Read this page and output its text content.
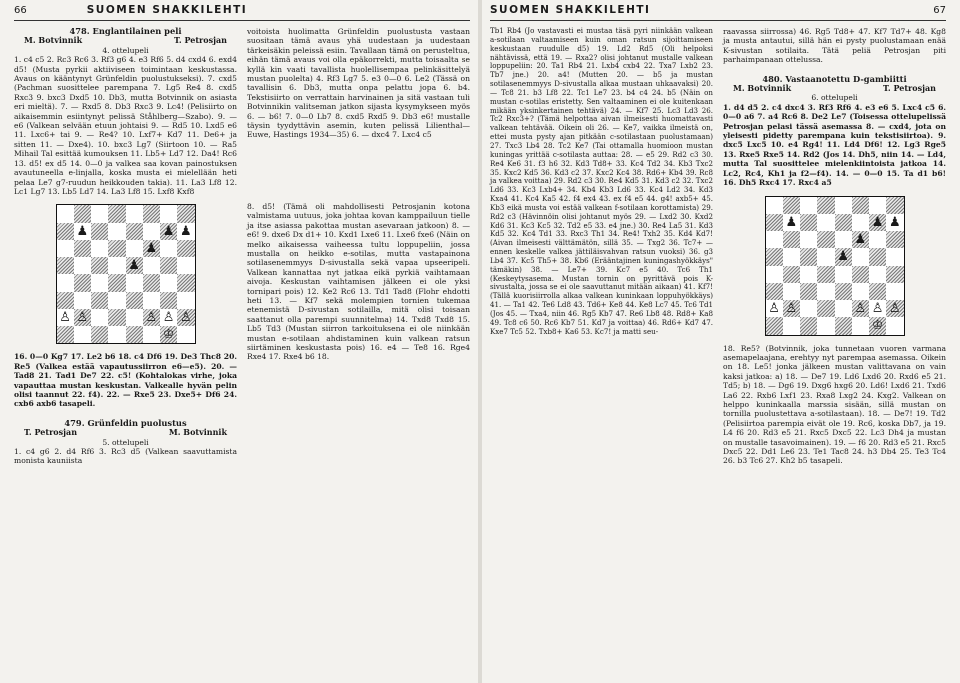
66	SUOMEN SHAKKILEHTI
478. Englantilainen peli
M. Botvinnik	T. Petrosjan
4. ottelupeli

1. c4 c5 2. Rc3 Rc6 3. Rf3 g6 4. e3 Rf6 5. d4 cxd4 6. exd4 d5! (Musta pyrkii aktiiviseen toimintaan keskustassa. Avaus on kääntynyt Grünfeldin puolustukseksi). 7. cxd5 (Pachman suosittelee parempana 7. Lg5 Re4 8. cxd5 Rxc3 9. bxc3 Dxd5 10. Db3, mutta Botvinnik on asiasta eri mieltä). 7. — Rxd5 8. Db3 Rxc3 9. Lc4! (Pelisiirto on aikaisemmin esiintynyt pelissä Ståhlberg—Szabo). 9. — e6 (Valkean selvään etuun johtaisi 9. — Rd5 10. Lxd5 e6 11. Lxc6+ tai 9. — Re4? 10. Lxf7+ Kd7 11. De6+ ja sitten 11. — Dxe4). 10. bxc3 Lg7 (Siirtoon 10. — Ra5 Mihail Tal esittää kumouksen 11. Lb5+ Ld7 12. Da4! Rc6 13. d5! ex d5 14. 0—0 ja valkea saa kovan painostuksen avautuneella e-linjalla, koska musta ei mielellään heti pelaa Le7 g7-ruudun heikkouden takia). 11. La3 Lf8 12. Lc1 Lg7 13. Lb5 Ld7 14. La3 Lf8 15. Lxf8 Kxf8

♟	♟ ♟
♟
♟
♙ ♙	♙ ♙ ♙
♔

16. 0—0 Kg7 17. Le2 b6 18. c4 Df6 19. De3 Thc8 20. Re5 (Valkea estää vapautussiirron e6—e5). 20. — Tad8 21. Tad1 De7 22. c5! (Kohtalokas virhe, joka vapauttaa mustan keskustan. Valkealle hyvän pelin olisi taannut 22. f4). 22. — Rxe5 23. Dxe5+ Df6 24. cxb6 axb6 tasapeli.

479. Grünfeldin puolustus
T. Petrosjan	M. Botvinnik
5. ottelupeli

1. c4 g6 2. d4 Rf6 3. Rc3 d5 (Valkean saavuttamista monista kauniista

voitoista huolimatta Grünfeldin puolustusta vastaan suositaan tämä avaus yhä uudestaan ja uudestaan tärkeisäkin peleissä esiin. Tavallaan tämä on perusteltua, eihän tämä avaus voi olla epäkorrekti, mutta toisaalta se kyllä kin vaati tavallista huolellisempaa pelinkäsittelyä mustan puolelta) 4. Rf3 Lg7 5. e3 0—0 6. Le2 (Tässä on tavallisin 6. Db3, mutta onpa pelattu jopa 6. b4. Tekstisiirto on verrattain harvinainen ja sitä vastaan tuli Botvinnikin valitseman jatkon sijasta kysymykseen myös 6. — b6! 7. 0—0 Lb7 8. cxd5 Rxd5 9. Db3 e6! mustalle täysin tyydyttävin asemin, kuten pelissä Lilienthal—Euwe, Hastings 1934—35) 6. — dxc4 7. Lxc4 c5

8. d5! (Tämä oli mahdollisesti Petrosjanin kotona valmistama uutuus, joka johtaa kovan kamppailuun tielle ja itse asiassa pakottaa mustan asevaraan jatkoon) 8. — e6! 9. dxe6 Dx d1+ 10. Kxd1 Lxe6 11. Lxe6 fxe6 (Näin on melko aikaisessa vaiheessa tultu loppupeliin, jossa mustalla on heikko e-sotilas, mutta vastapainona sotilasenemmyys D-sivustalla sekä vapaa upseeripeli. Valkean kannattaa nyt jatkaa eikä pyrkiä vaihtamaan aivoja. Keskustan vaihtamisen jälkeen ei ole yksi tornipari pois) 12. Ke2 Rc6 13. Td1 Tad8 (Flohr ehdotti heti 13. — Kf7 sekä molempien tornien tukemaa etenemistä D-sivustan sotilailla, mitä olisi toisaan saattanut olla parempi suunnitelma) 14. Txd8 Txd8 15. Lb5 Td3 (Mustan siirron tarkoituksena ei ole niinkään mustan e-sotilaan ahdistaminen kuin valkean ratsun siirtäminen keskustasta pois) 16. e4 — Te8 16. Rge4 Rxe4 17. Rxe4 b6 18.

SUOMEN SHAKKILEHTI	67

Tb1 Rb4 (Jo vastavasti ei mustaa täsä pyri niinkään valkean a-sotilaan valtaamiseen kuin oman ratsun sijoittamiseen keskustaan ruudulle d5) 19. Ld2 Rd5 (Oli helpoksi nähtävissä, että 19. — Rxa2? olisi johtanut mustalle valkean loppupeliin: 20. Ta1 Rb4 21. Lxb4 cxb4 22. Txa7 Lxb2 23. Tb7 jne.) 20. a4! (Mutten 20. — b5 ja mustan sotilasenemmyys D-sivustalla alkaa mustaan uhkaavaksi) 20. — Tc8 21. b3 Lf8 22. Tc1 Le7 23. b4 c4 24. b5 (Näin on mustan c-sotilas eristetty. Sen valtaaminen ei ole kuitenkaan mikään yksinkertainen tehtävä) 24. — Kf7 25. Lc3 Ld3 26. Tc2 Rxc3+? (Tämä helpottaa aivan ilmeisesti huomattavasti valkean tehtävää. Oikein oli 26. — Ke7, vaikka ilmeistä on, ettei musta pysty ajan pitkään c-sotilastaan puolustamaan) 27. Txc3 Lb4 28. Tc2 Ke7 (Tai ottamalla huomioon mustan kuningas yrittää c-sotilasta auttaa: 28. — e5 29. Rd2 c3 30. Re4 Ke6 31. f3 h6 32. Kd3 Td8+ 33. Kc4 Td2 34. Kb3 Txc2 35. Kxc2 Kd5 36. Kd3 c2 37. Kxc2 Kc4 38. Rd6+ Kb4 39. Rc8 ja valkea voittaa) 29. Rd2 c3 30. Re4 Kd5 31. Kd3 c2 32. Txc2 Ld6 33. Kc3 Lxb4+ 34. Kb4 Kb3 Ld6 33. Kc4 Ld2 34. Kd3 Kxa4 41. Kc4 Ka5 42. f4 ex4 43. ex f4 e5 44. g4! axb5+ 45. Kb3 eikä musta voi estää valkean f-sotilaan korottamista) 29. Rd2 c3 (Hävinnöin olisi johtanut myös 29. — Lxd2 30. Kxd2 Kd6 31. Kc3 Kc5 32. Td2 e5 33. e4 jne.) 30. Re4 La5 31. Kd3 Kd5 32. Kc4 Td1 33. Rxc3 Th1 34. Re4! Txh2 35. Kd4 Kd7! (Aivan ilmeisesti välttämätön, sillä 35. — Txg2 36. Tc7+ — ennen keskelle valkea jättiläisvahvan ratsun vuoksi) 36. g3 Lb4 37. Kc5 Th5+ 38. Kb6 (Erääntajinen kuningashyökkäys" tämäkin) 38. — Le7+ 39. Kc7 e5 40. Tc6 Th1 (Keskeytysasema. Mustan tornin on pyrittävä pois K-sivustalta, jossa se ei ole saavuttanut mitään aikaan) 41. Kf7! (Tällä kuorisiirrolla alkaa valkean kuninkaan loppuhyökkäys) 41. — Ta1 42. Te6 Ld8 43. Td6+ Ke8 44. Ke8 Lc7 45. Tc6 Td1 (Jos 45. — Txa4, niin 46. Rg5 Kb7 47. Re6 Lb8 48. Rd8+ Ka8 49. Tc8 c6 50. Rc6 Kb7 51. Kd7 ja voittaa) 46. Rd6+ Kd7 47. Kxe7 Tc5 52. Txb8+ Ka6 53. Kc7! ja matti seu-

raavassa siirrossa) 46. Rg5 Td8+ 47. Kf7 Td7+ 48. Kg8 ja musta antautui, sillä hän ei pysty puolustamaan enää K-sivustan sotilaita. Tätä peliä Petrosjan piti parhaimpanaan ottelussa.

480. Vastaanotettu D-gambiitti
M. Botvinnik	T. Petrosjan
6. ottelupeli

1. d4 d5 2. c4 dxc4 3. Rf3 Rf6 4. e3 e6 5. Lxc4 c5 6. 0—0 a6 7. a4 Rc6 8. De2 Le7 (Toisessa ottelupelissä Petrosjan pelasi tässä asemassa 8. — cxd4, jota on yleisesti pidetty parempana kuin tekstisiirtoa). 9. dxc5 Lxc5 10. e4 Rg4! 11. Ld4 Df6! 12. Lg3 Rge5 13. Rxe5 Rxe5 14. Rd2 (Jos 14. Dh5, niin 14. — Ld4, mutta Tal suosittelee mielenkiintoista jatkoa 14. Lc2, Rc4, Kh1 ja f2—f4). 14. — 0—0 15. Ta d1 b6! 16. Dh5 Rxc4 17. Rxc4 a5

♟	♟ ♟
♟
♟
♙ ♙	♙ ♙ ♙
♔

18. Re5? (Botvinnik, joka tunnetaan vuoren varmana asemapelaajana, erehtyy nyt parempaa asemassa. Oikein on 18. Le5! jonka jälkeen mustan valittavana on vain kaksi jatkoa: a) 18. — De7 19. Ld6 Lxd6 20. Rxd6 e5 21. Td5; b) 18. — Dg6 19. Dxg6 hxg6 20. Ld6! Lxd6 21. Txd6 La6 22. Rxb6 Lxf1 23. Rxa8 Lxg2 24. Kxg2. Valkean on helppo kuninkaalla marssia sisään, sillä mustan on tornilla puolustettava a-sotilastaan). 18. — De7! 19. Td2 (Pelisiirtoa parempia eivät ole 19. Rc6, koska Db7, ja 19. L4 f6 20. Rd3 e5 21. Rxc5 Dxc5 22. Lc3 Dh4 ja mustan on mustalle tasavoimainen). 19. — f6 20. Rd3 e5 21. Rxc5 Dxc5 22. Dd1 Le6 23. Te1 Tac8 24. h3 Db4 25. Te3 Tc4 26. b3 Tc6 27. Kh2 b5 tasapeli.
